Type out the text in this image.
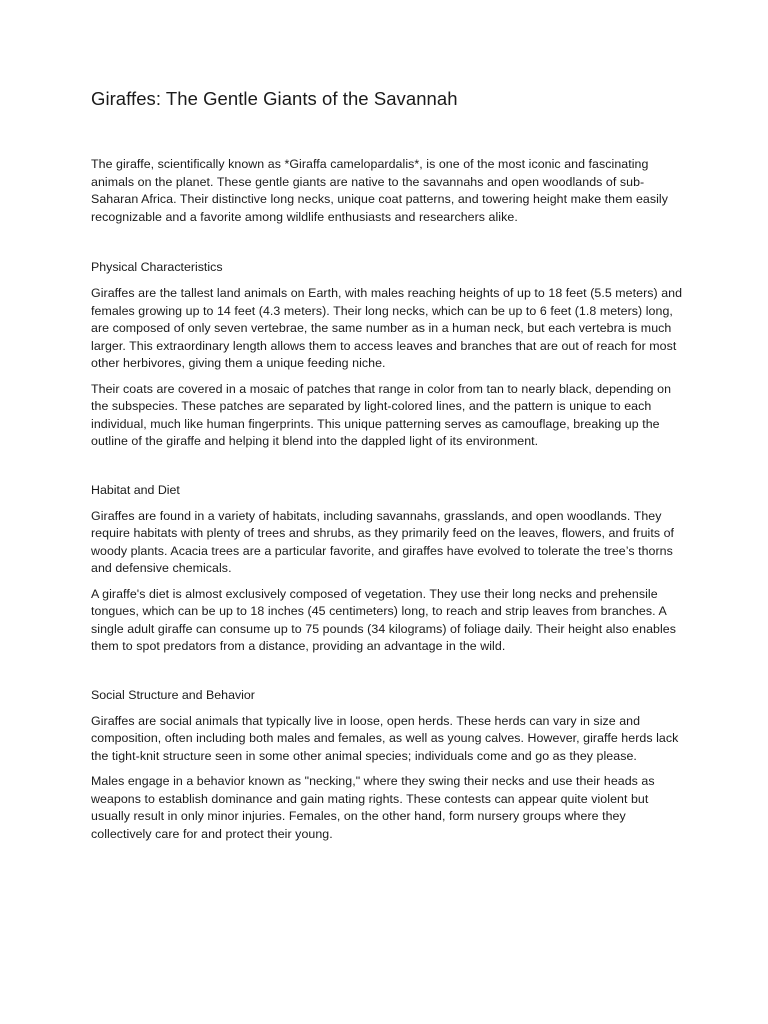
Giraffes: The Gentle Giants of the Savannah

The giraffe, scientifically known as *Giraffa camelopardalis*, is one of the most iconic and fascinating animals on the planet. These gentle giants are native to the savannahs and open woodlands of sub-Saharan Africa. Their distinctive long necks, unique coat patterns, and towering height make them easily recognizable and a favorite among wildlife enthusiasts and researchers alike.

Physical Characteristics

Giraffes are the tallest land animals on Earth, with males reaching heights of up to 18 feet (5.5 meters) and females growing up to 14 feet (4.3 meters). Their long necks, which can be up to 6 feet (1.8 meters) long, are composed of only seven vertebrae, the same number as in a human neck, but each vertebra is much larger. This extraordinary length allows them to access leaves and branches that are out of reach for most other herbivores, giving them a unique feeding niche.

Their coats are covered in a mosaic of patches that range in color from tan to nearly black, depending on the subspecies. These patches are separated by light-colored lines, and the pattern is unique to each individual, much like human fingerprints. This unique patterning serves as camouflage, breaking up the outline of the giraffe and helping it blend into the dappled light of its environment.

Habitat and Diet

Giraffes are found in a variety of habitats, including savannahs, grasslands, and open woodlands. They require habitats with plenty of trees and shrubs, as they primarily feed on the leaves, flowers, and fruits of woody plants. Acacia trees are a particular favorite, and giraffes have evolved to tolerate the tree’s thorns and defensive chemicals.

A giraffe's diet is almost exclusively composed of vegetation. They use their long necks and prehensile tongues, which can be up to 18 inches (45 centimeters) long, to reach and strip leaves from branches. A single adult giraffe can consume up to 75 pounds (34 kilograms) of foliage daily. Their height also enables them to spot predators from a distance, providing an advantage in the wild.

Social Structure and Behavior

Giraffes are social animals that typically live in loose, open herds. These herds can vary in size and composition, often including both males and females, as well as young calves. However, giraffe herds lack the tight-knit structure seen in some other animal species; individuals come and go as they please.

Males engage in a behavior known as "necking," where they swing their necks and use their heads as weapons to establish dominance and gain mating rights. These contests can appear quite violent but usually result in only minor injuries. Females, on the other hand, form nursery groups where they collectively care for and protect their young.
